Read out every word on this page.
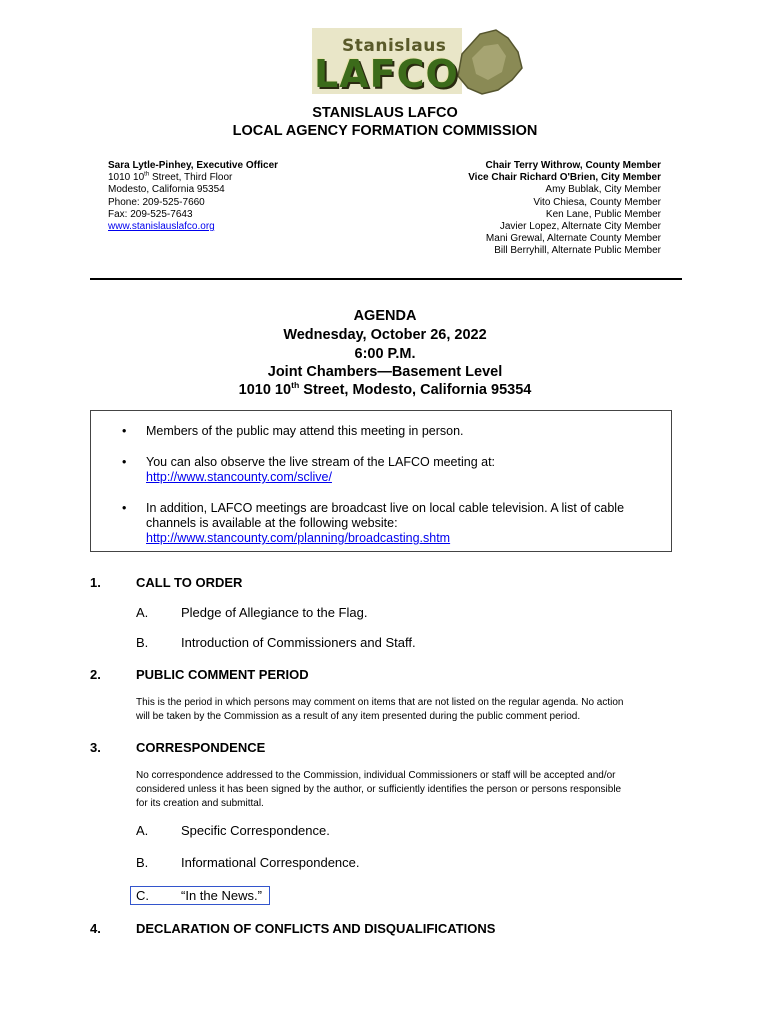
Stanislaus
LAFCO
STANISLAUS LAFCO
LOCAL AGENCY FORMATION COMMISSION
Sara Lytle-Pinhey, Executive Officer
1010 10th Street, Third Floor
Modesto, California 95354
Phone: 209-525-7660
Fax: 209-525-7643
www.stanislauslafco.org
Chair Terry Withrow, County Member
Vice Chair Richard O'Brien, City Member
Amy Bublak, City Member
Vito Chiesa, County Member
Ken Lane, Public Member
Javier Lopez, Alternate City Member
Mani Grewal, Alternate County Member
Bill Berryhill, Alternate Public Member
AGENDA
Wednesday, October 26, 2022
6:00 P.M.
Joint Chambers—Basement Level
1010 10th Street, Modesto, California 95354
• Members of the public may attend this meeting in person.
• You can also observe the live stream of the LAFCO meeting at:
http://www.stancounty.com/sclive/
• In addition, LAFCO meetings are broadcast live on local cable television. A list of cable
channels is available at the following website:
http://www.stancounty.com/planning/broadcasting.shtm
1.	CALL TO ORDER
A.	Pledge of Allegiance to the Flag.
B.	Introduction of Commissioners and Staff.
2.	PUBLIC COMMENT PERIOD
This is the period in which persons may comment on items that are not listed on the regular agenda. No action
will be taken by the Commission as a result of any item presented during the public comment period.
3.	CORRESPONDENCE
No correspondence addressed to the Commission, individual Commissioners or staff will be accepted and/or
considered unless it has been signed by the author, or sufficiently identifies the person or persons responsible
for its creation and submittal.
A.	Specific Correspondence.
B.	Informational Correspondence.
C. “In the News.”
4.	DECLARATION OF CONFLICTS AND DISQUALIFICATIONS
